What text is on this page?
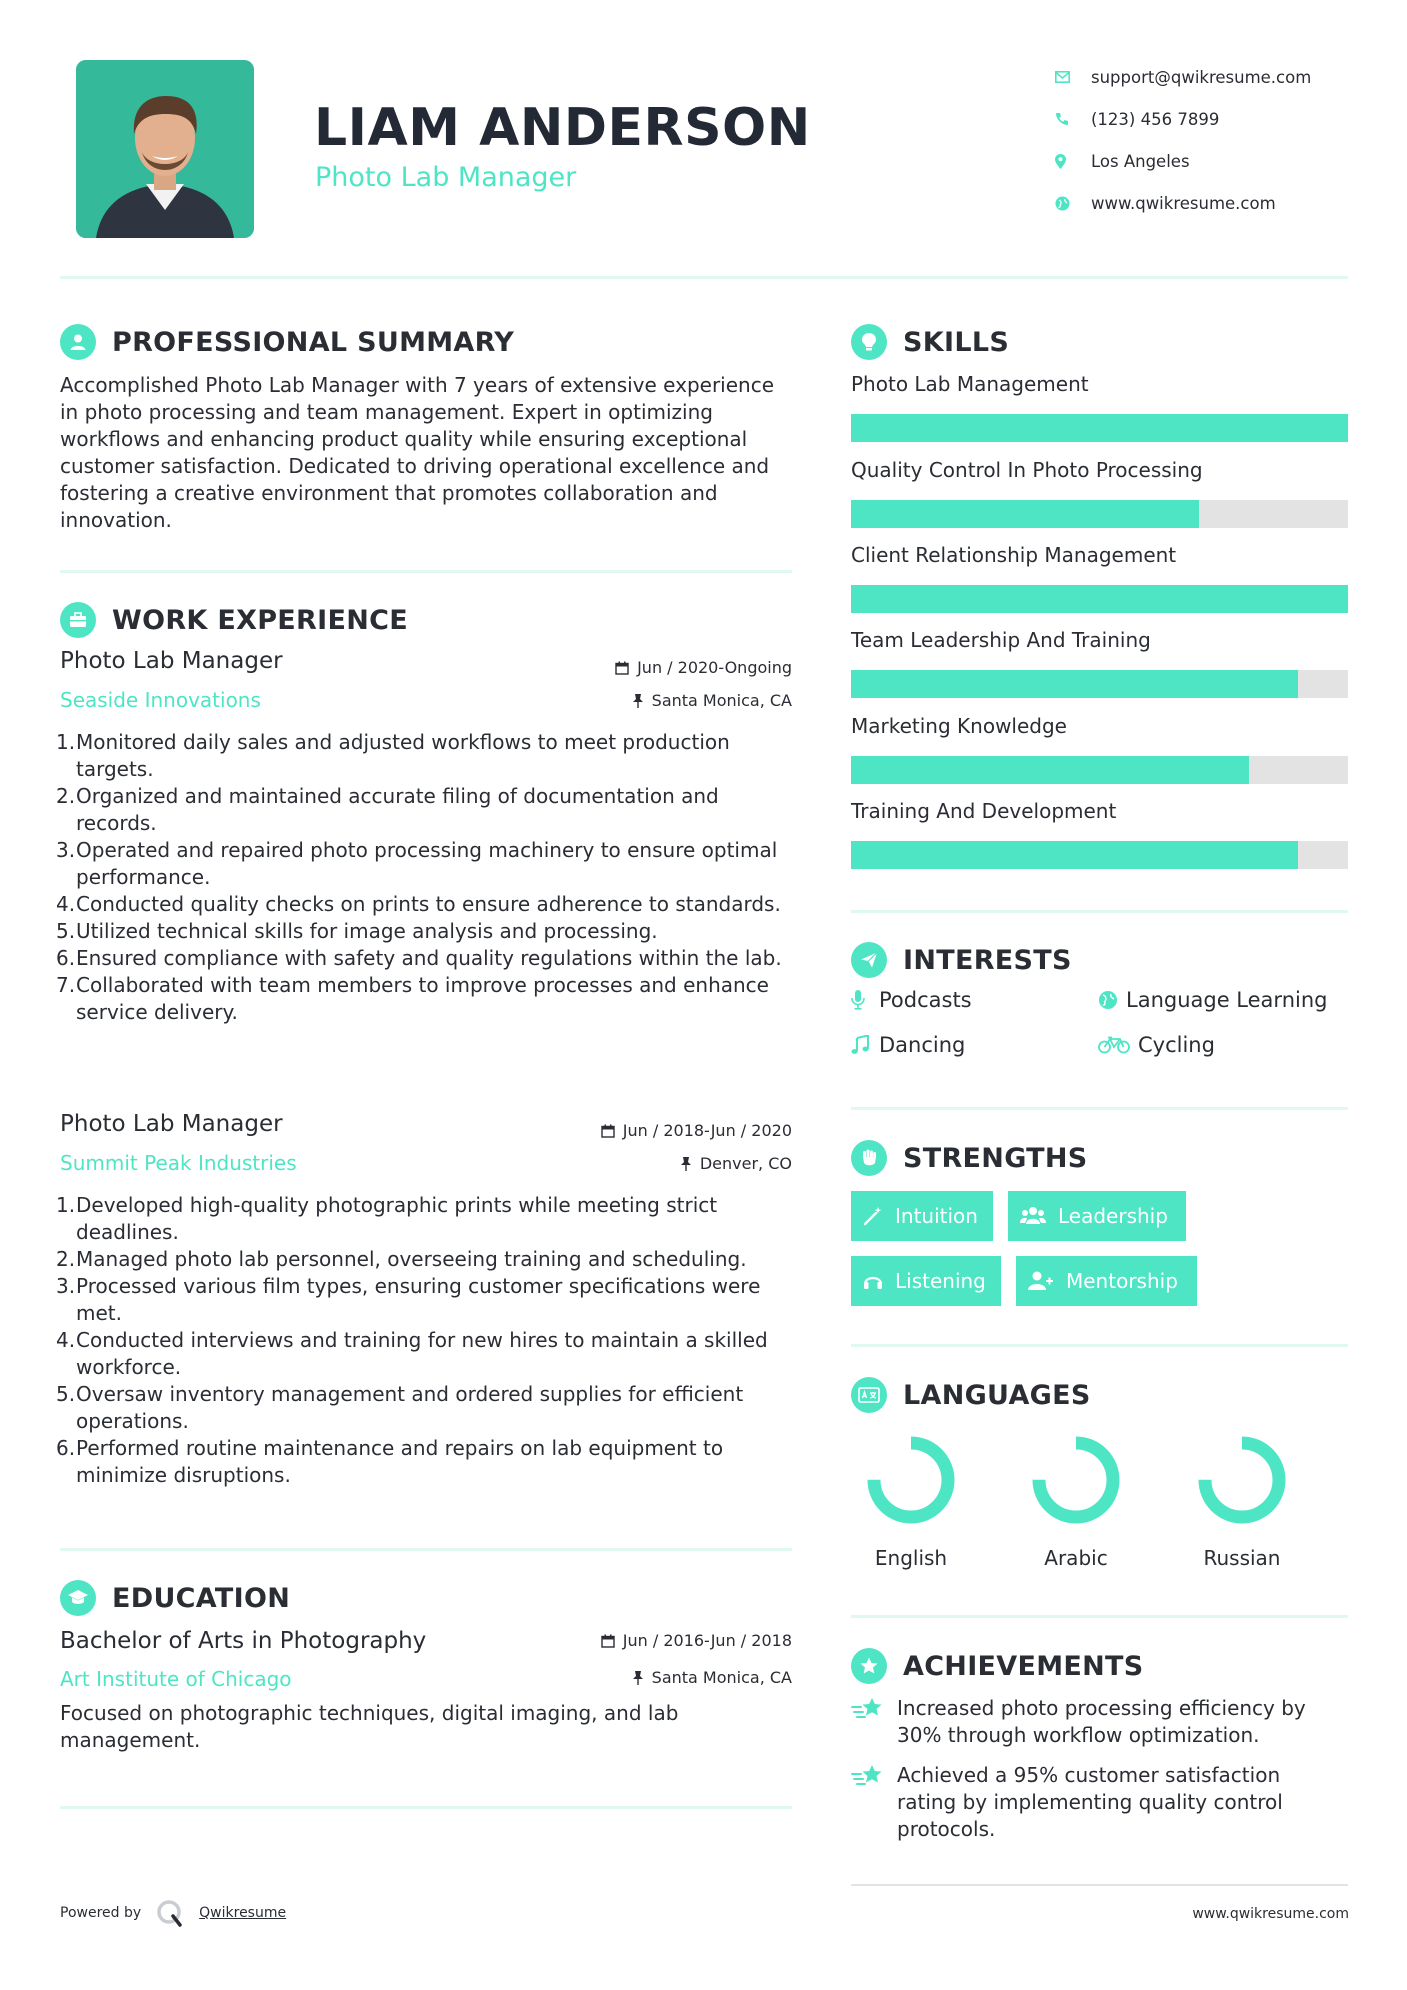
LIAM ANDERSON
Photo Lab Manager
support@qwikresume.com
(123) 456 7899
Los Angeles
www.qwikresume.com
PROFESSIONAL SUMMARY
Accomplished Photo Lab Manager with 7 years of extensive experience in photo processing and team management. Expert in optimizing workflows and enhancing product quality while ensuring exceptional customer satisfaction. Dedicated to driving operational excellence and fostering a creative environment that promotes collaboration and innovation.
WORK EXPERIENCE
Photo Lab Manager
Seaside Innovations
Jun / 2020-Ongoing
Santa Monica, CA
1. Monitored daily sales and adjusted workflows to meet production targets.
2. Organized and maintained accurate filing of documentation and records.
3. Operated and repaired photo processing machinery to ensure optimal performance.
4. Conducted quality checks on prints to ensure adherence to standards.
5. Utilized technical skills for image analysis and processing.
6. Ensured compliance with safety and quality regulations within the lab.
7. Collaborated with team members to improve processes and enhance service delivery.
Photo Lab Manager
Summit Peak Industries
Jun / 2018-Jun / 2020
Denver, CO
1. Developed high-quality photographic prints while meeting strict deadlines.
2. Managed photo lab personnel, overseeing training and scheduling.
3. Processed various film types, ensuring customer specifications were met.
4. Conducted interviews and training for new hires to maintain a skilled workforce.
5. Oversaw inventory management and ordered supplies for efficient operations.
6. Performed routine maintenance and repairs on lab equipment to minimize disruptions.
EDUCATION
Bachelor of Arts in Photography
Art Institute of Chicago
Jun / 2016-Jun / 2018
Santa Monica, CA
Focused on photographic techniques, digital imaging, and lab management.
SKILLS
Photo Lab Management
Quality Control In Photo Processing
Client Relationship Management
Team Leadership And Training
Marketing Knowledge
Training And Development
INTERESTS
Podcasts	Language Learning
Dancing	Cycling
STRENGTHS
Intuition	Leadership
Listening	Mentorship
LANGUAGES
English	Arabic	Russian
ACHIEVEMENTS
Increased photo processing efficiency by 30% through workflow optimization.
Achieved a 95% customer satisfaction rating by implementing quality control protocols.
Powered by	Qwikresume	www.qwikresume.com
